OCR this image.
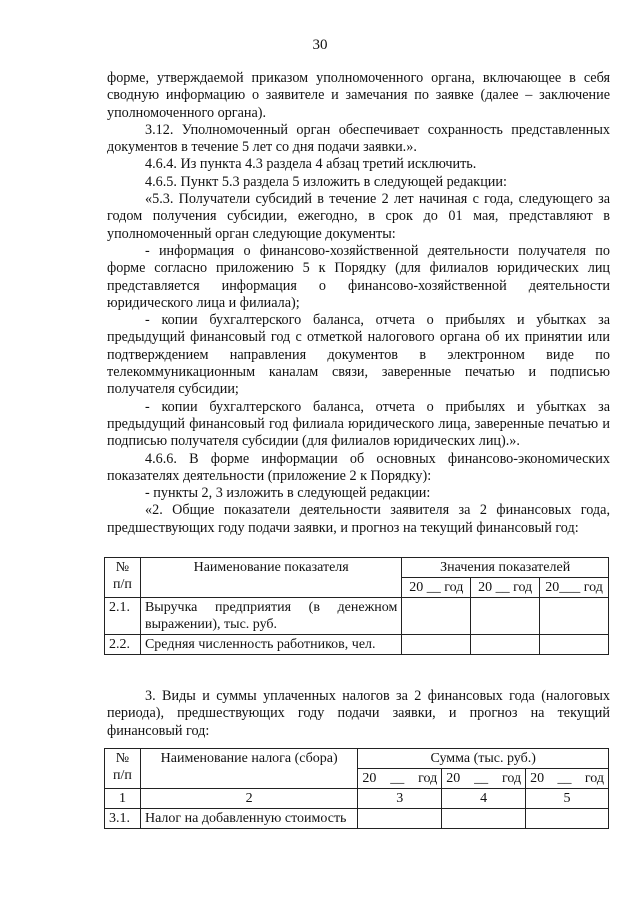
30

форме, утверждаемой приказом уполномоченного органа, включающее в себя сводную информацию о заявителе и замечания по заявке (далее – заключение уполномоченного органа).

3.12. Уполномоченный орган обеспечивает сохранность представленных документов в течение 5 лет со дня подачи заявки.».

4.6.4. Из пункта 4.3 раздела 4 абзац третий исключить.

4.6.5. Пункт 5.3 раздела 5 изложить в следующей редакции:

«5.3. Получатели субсидий в течение 2 лет начиная с года, следующего за годом получения субсидии, ежегодно, в срок до 01 мая, представляют в уполномоченный орган следующие документы:

- информация о финансово-хозяйственной деятельности получателя по форме согласно приложению 5 к Порядку (для филиалов юридических лиц представляется информация о финансово-хозяйственной деятельности юридического лица и филиала);

- копии бухгалтерского баланса, отчета о прибылях и убытках за предыдущий финансовый год с отметкой налогового органа об их принятии или подтверждением направления документов в электронном виде по телекоммуникационным каналам связи, заверенные печатью и подписью получателя субсидии;

- копии бухгалтерского баланса, отчета о прибылях и убытках за предыдущий финансовый год филиала юридического лица, заверенные печатью и подписью получателя субсидии (для филиалов юридических лиц).».

4.6.6. В форме информации об основных финансово-экономических показателях деятельности (приложение 2 к Порядку):

- пункты 2, 3 изложить в следующей редакции:

«2. Общие показатели деятельности заявителя за 2 финансовых года, предшествующих году подачи заявки, и прогноз на текущий финансовый год:

№ п/п	Наименование показателя	Значения показателей		
		20 __ год	20 __ год	20___ год
2.1.	Выручка предприятия (в денежном выражении), тыс. руб.			
2.2.	Средняя численность работников, чел.			

3. Виды и суммы уплаченных налогов за 2 финансовых года (налоговых периода), предшествующих году подачи заявки, и прогноз на текущий финансовый год:

№ п/п	Наименование налога (сбора)	Сумма (тыс. руб.)		

		20 __ год	20 __ год	20 __ год

1	2	3	4	5
3.1.	Налог на добавленную стоимость			
